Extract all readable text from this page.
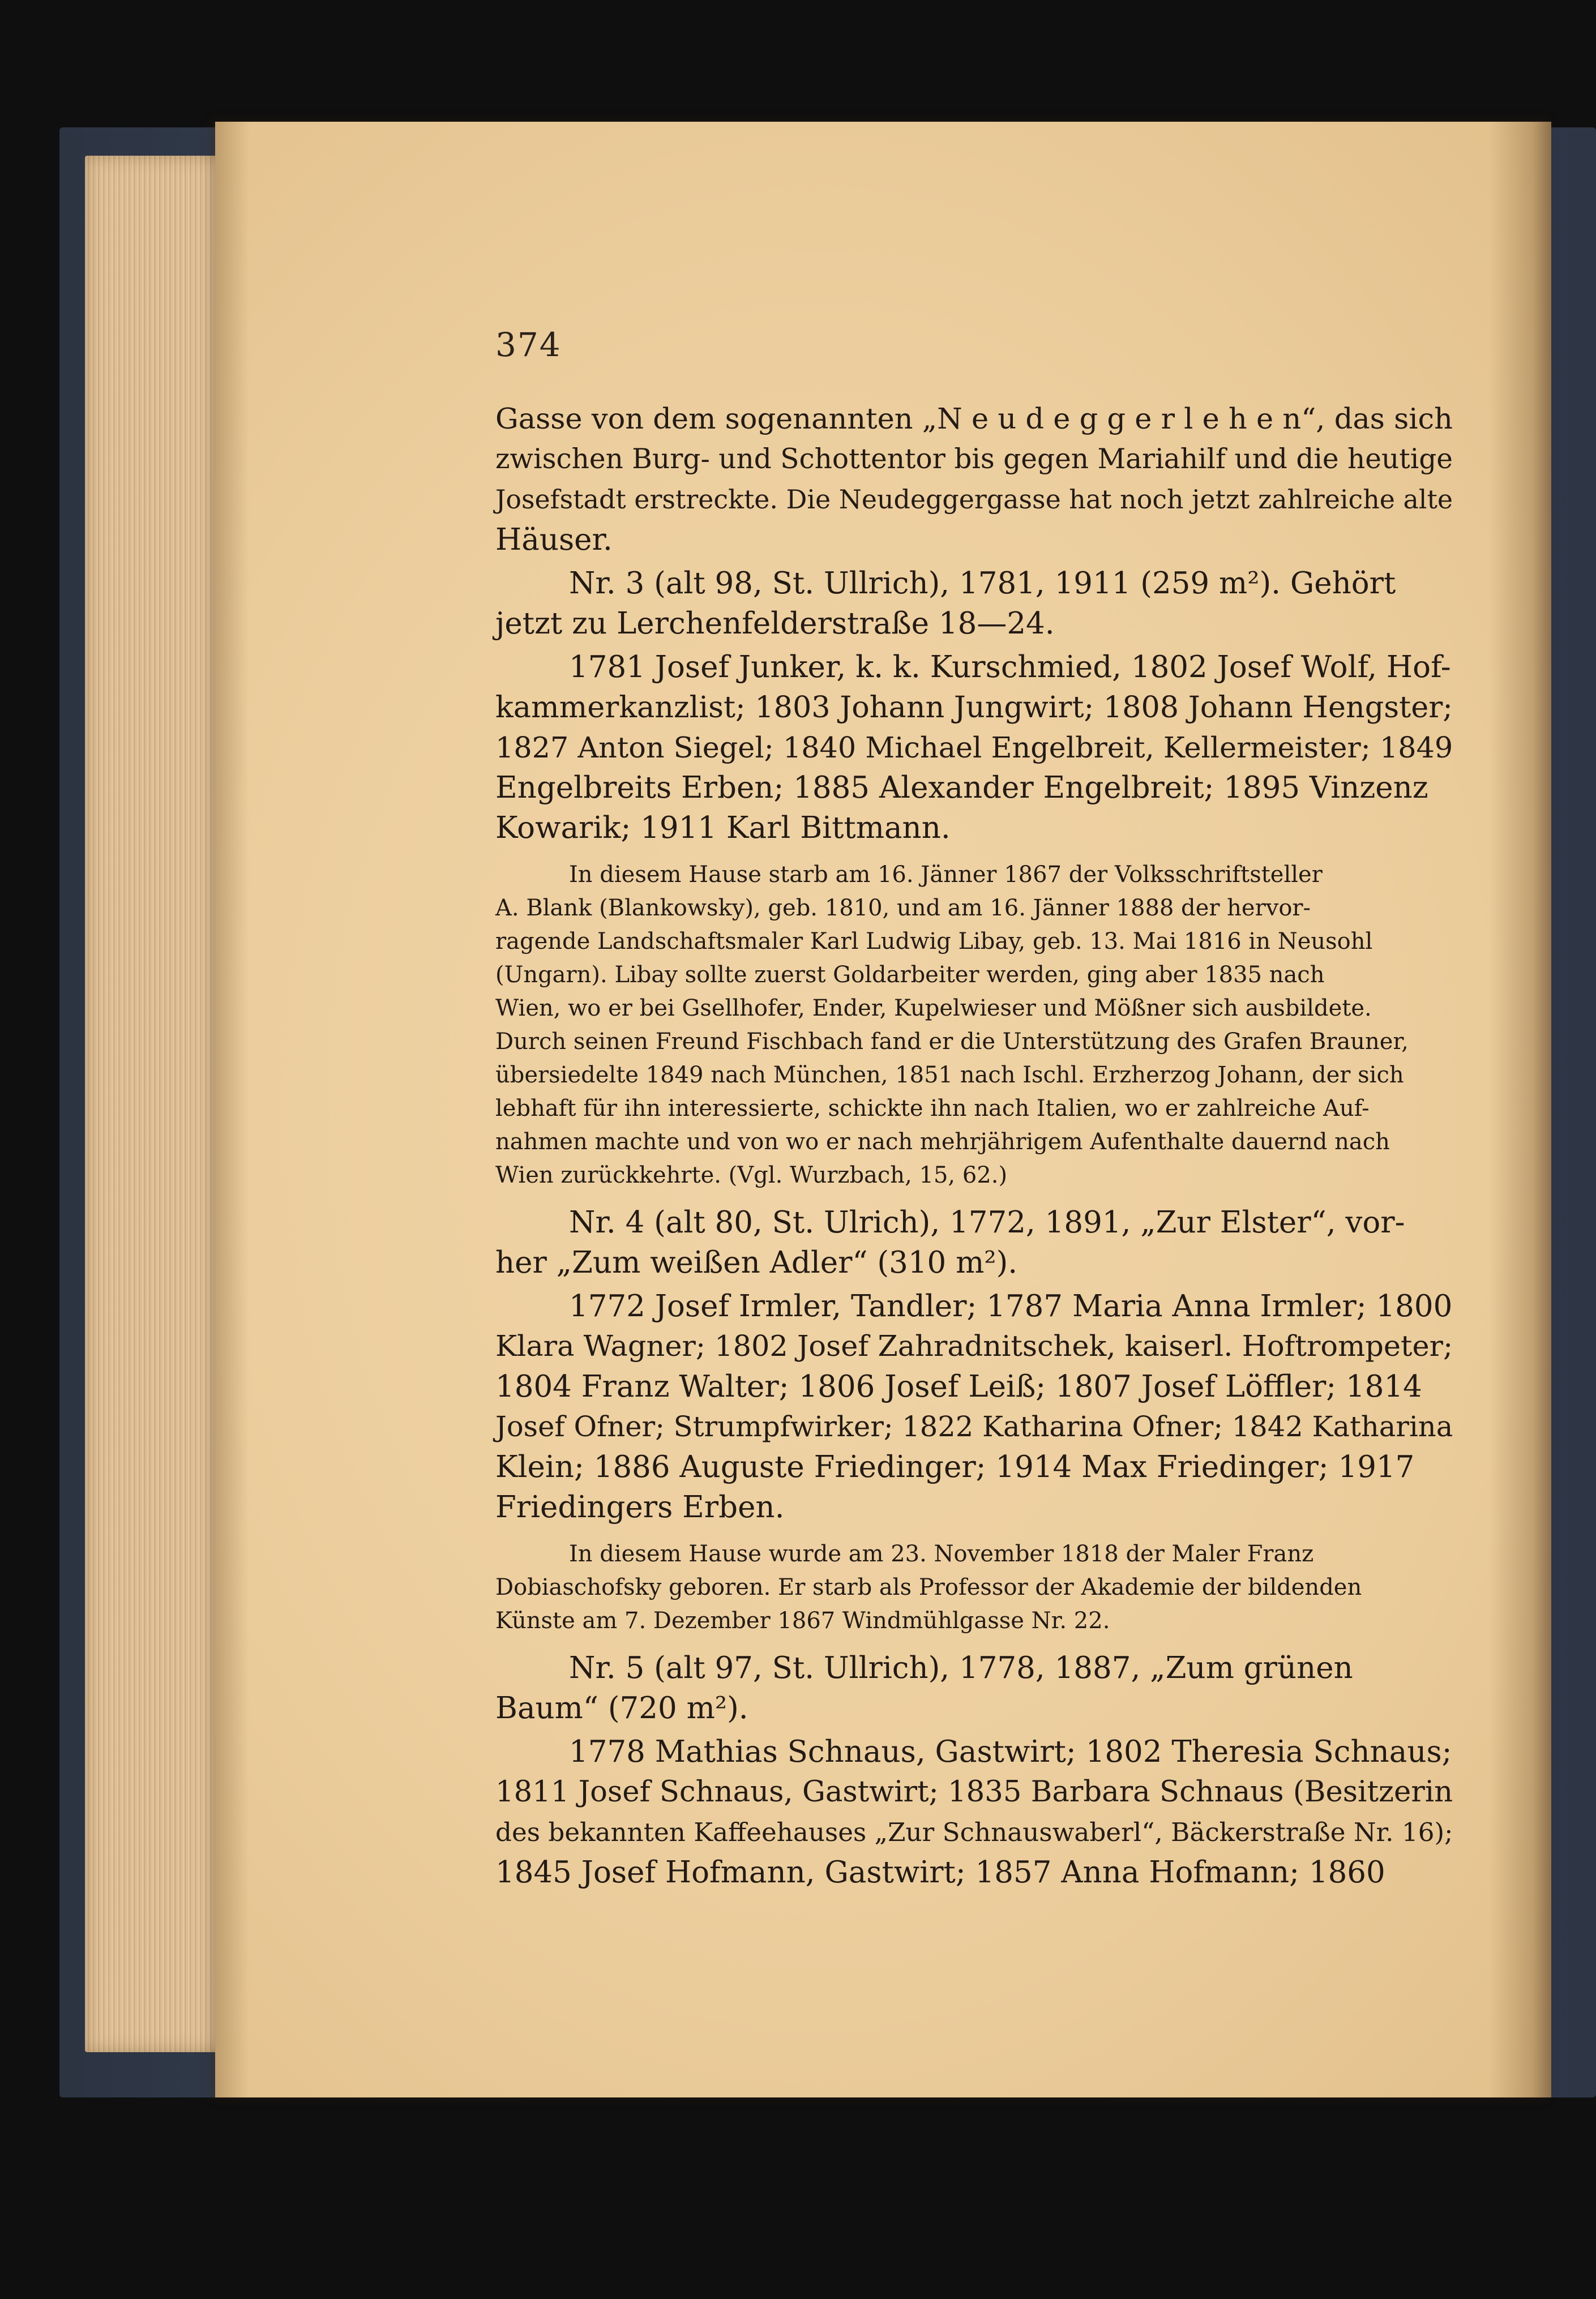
374

Gasse von dem sogenannten „N e u d e g g e r l e h e n“, das sich
zwischen Burg- und Schottentor bis gegen Mariahilf und die heutige
Josefstadt erstreckte. Die Neudeggergasse hat noch jetzt zahlreiche alte
Häuser.

Nr. 3 (alt 98, St. Ullrich), 1781, 1911 (259 m²). Gehört
jetzt zu Lerchenfelderstraße 18—24.

1781 Josef Junker, k. k. Kurschmied, 1802 Josef Wolf, Hof-
kammerkanzlist; 1803 Johann Jungwirt; 1808 Johann Hengster;
1827 Anton Siegel; 1840 Michael Engelbreit, Kellermeister; 1849
Engelbreits Erben; 1885 Alexander Engelbreit; 1895 Vinzenz
Kowarik; 1911 Karl Bittmann.

In diesem Hause starb am 16. Jänner 1867 der Volksschriftsteller
A. Blank (Blankowsky), geb. 1810, und am 16. Jänner 1888 der hervor-
ragende Landschaftsmaler Karl Ludwig Libay, geb. 13. Mai 1816 in Neusohl
(Ungarn). Libay sollte zuerst Goldarbeiter werden, ging aber 1835 nach
Wien, wo er bei Gsellhofer, Ender, Kupelwieser und Mößner sich ausbildete.
Durch seinen Freund Fischbach fand er die Unterstützung des Grafen Brauner,
übersiedelte 1849 nach München, 1851 nach Ischl. Erzherzog Johann, der sich
lebhaft für ihn interessierte, schickte ihn nach Italien, wo er zahlreiche Auf-
nahmen machte und von wo er nach mehrjährigem Aufenthalte dauernd nach
Wien zurückkehrte. (Vgl. Wurzbach, 15, 62.)

Nr. 4 (alt 80, St. Ulrich), 1772, 1891, „Zur Elster“, vor-
her „Zum weißen Adler“ (310 m²).

1772 Josef Irmler, Tandler; 1787 Maria Anna Irmler; 1800
Klara Wagner; 1802 Josef Zahradnitschek, kaiserl. Hoftrompeter;
1804 Franz Walter; 1806 Josef Leiß; 1807 Josef Löffler; 1814
Josef Ofner; Strumpfwirker; 1822 Katharina Ofner; 1842 Katharina
Klein; 1886 Auguste Friedinger; 1914 Max Friedinger; 1917
Friedingers Erben.

In diesem Hause wurde am 23. November 1818 der Maler Franz
Dobiaschofsky geboren. Er starb als Professor der Akademie der bildenden
Künste am 7. Dezember 1867 Windmühlgasse Nr. 22.

Nr. 5 (alt 97, St. Ullrich), 1778, 1887, „Zum grünen
Baum“ (720 m²).

1778 Mathias Schnaus, Gastwirt; 1802 Theresia Schnaus;
1811 Josef Schnaus, Gastwirt; 1835 Barbara Schnaus (Besitzerin
des bekannten Kaffeehauses „Zur Schnauswaberl“, Bäckerstraße Nr. 16);
1845 Josef Hofmann, Gastwirt; 1857 Anna Hofmann; 1860
